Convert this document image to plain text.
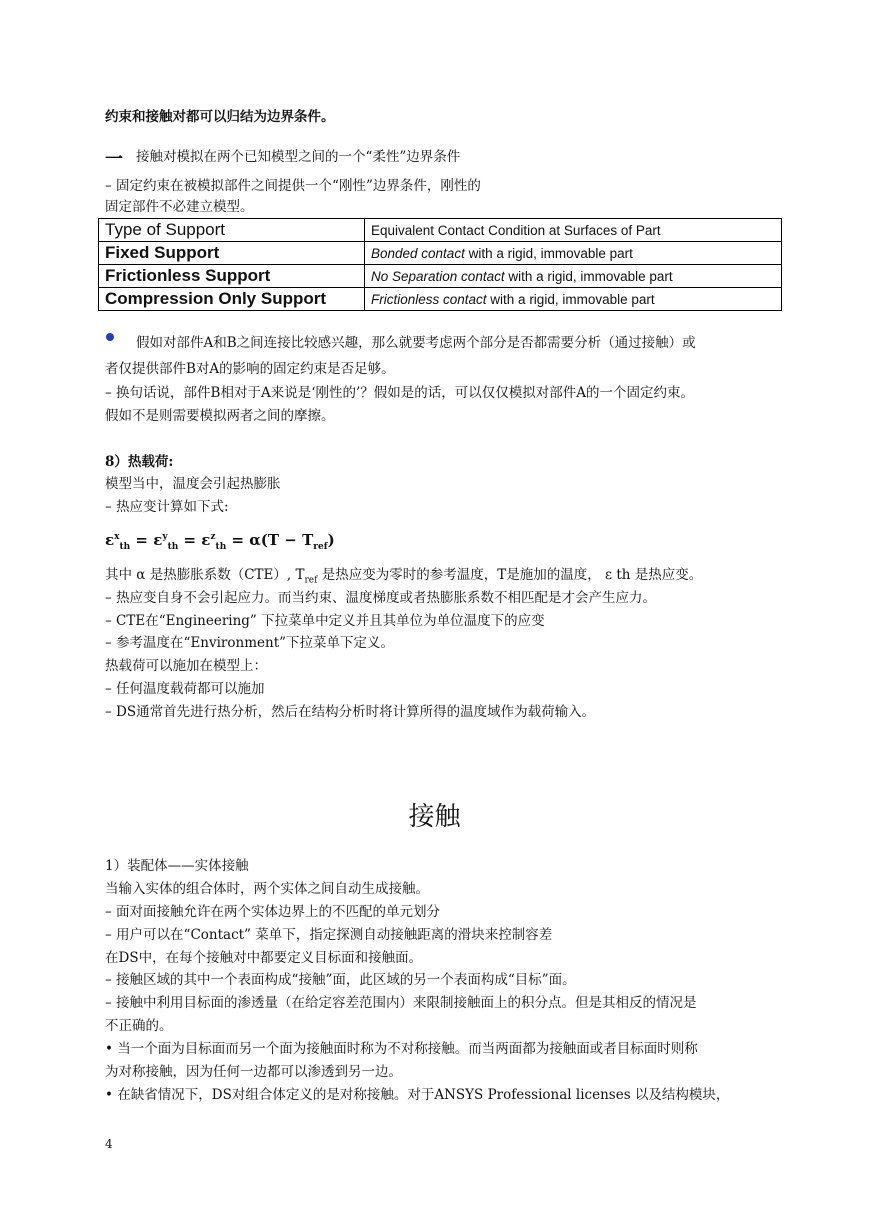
约束和接触对都可以归结为边界条件。
一 接触对模拟在两个已知模型之间的一个“柔性”边界条件
– 固定约束在被模拟部件之间提供一个“刚性”边界条件，刚性的
固定部件不必建立模型。
Type of Support	Equivalent Contact Condition at Surfaces of Part
Fixed Support	Bonded contact with a rigid, immovable part
Frictionless Support	No Separation contact with a rigid, immovable part
Compression Only Support	Frictionless contact with a rigid, immovable part
假如对部件A和B之间连接比较感兴趣，那么就要考虑两个部分是否都需要分析（通过接触）或
者仅提供部件B对A的影响的固定约束是否足够。
– 换句话说，部件B相对于A来说是‘刚性的’？假如是的话，可以仅仅模拟对部件A的一个固定约束。
假如不是则需要模拟两者之间的摩擦。
8）热载荷:
模型当中，温度会引起热膨胀
– 热应变计算如下式:
$\varepsilon^x_{th} = \varepsilon^y_{th} = \varepsilon^z_{th} = \alpha(T - T_{ref})$
其中 α 是热膨胀系数（CTE）, $T_{ref}$ 是热应变为零时的参考温度，T是施加的温度， ε th 是热应变。
– 热应变自身不会引起应力。而当约束、温度梯度或者热膨胀系数不相匹配是才会产生应力。
– CTE在“Engineering” 下拉菜单中定义并且其单位为单位温度下的应变
– 参考温度在“Environment”下拉菜单下定义。
热载荷可以施加在模型上：
– 任何温度载荷都可以施加
– DS通常首先进行热分析，然后在结构分析时将计算所得的温度域作为载荷输入。
接触
1）装配体——实体接触
当输入实体的组合体时，两个实体之间自动生成接触。
– 面对面接触允许在两个实体边界上的不匹配的单元划分
– 用户可以在“Contact” 菜单下，指定探测自动接触距离的滑块来控制容差
在DS中，在每个接触对中都要定义目标面和接触面。
– 接触区域的其中一个表面构成“接触”面，此区域的另一个表面构成“目标”面。
– 接触中利用目标面的渗透量（在给定容差范围内）来限制接触面上的积分点。但是其相反的情况是
不正确的。
• 当一个面为目标面而另一个面为接触面时称为不对称接触。而当两面都为接触面或者目标面时则称
为对称接触，因为任何一边都可以渗透到另一边。
• 在缺省情况下，DS对组合体定义的是对称接触。对于ANSYS Professional licenses 以及结构模块，
4
